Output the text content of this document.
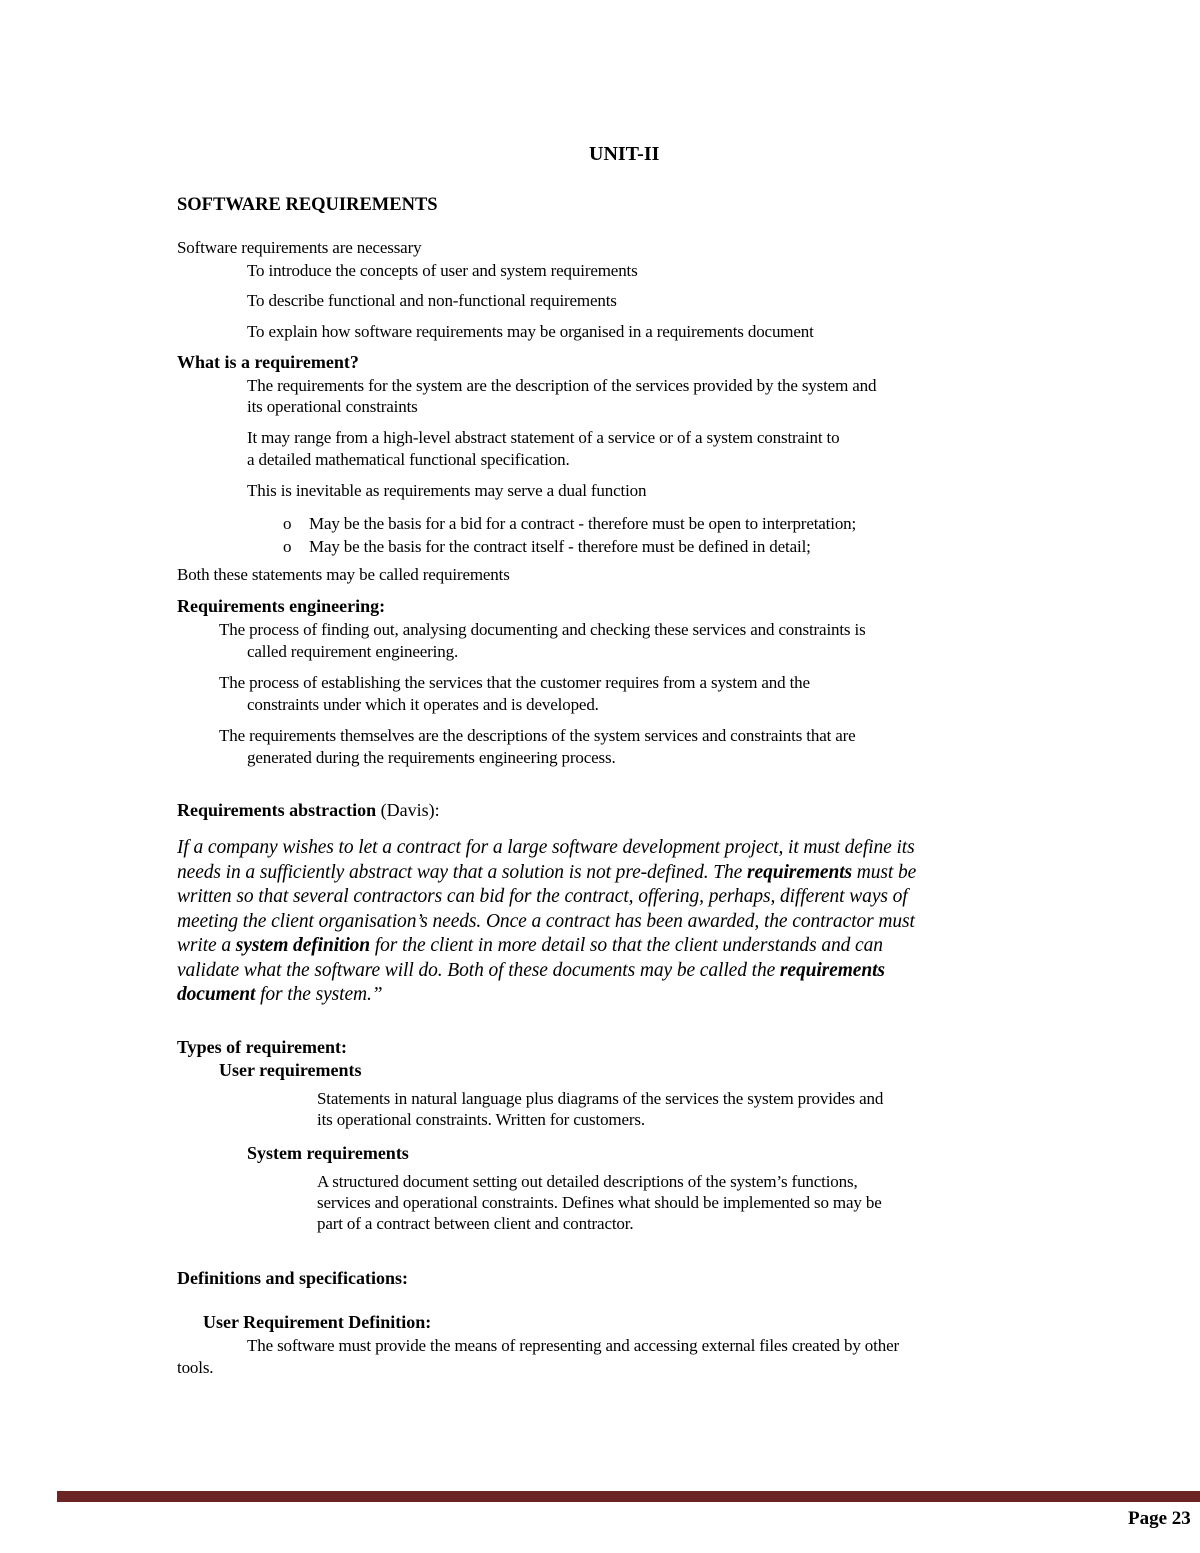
UNIT-II
SOFTWARE REQUIREMENTS
Software requirements are necessary
To introduce the concepts of user and system requirements
To describe functional and non-functional requirements
To explain how software requirements may be organised in a requirements document
What is a requirement?
The requirements for the system are the description of the services provided by the system and
its operational constraints
It may range from a high-level abstract statement of a service or of a system constraint to
a detailed mathematical functional specification.
This is inevitable as requirements may serve a dual function
o May be the basis for a bid for a contract - therefore must be open to interpretation;
o May be the basis for the contract itself - therefore must be defined in detail;
Both these statements may be called requirements
Requirements engineering:
The process of finding out, analysing documenting and checking these services and constraints is
called requirement engineering.
The process of establishing the services that the customer requires from a system and the
constraints under which it operates and is developed.
The requirements themselves are the descriptions of the system services and constraints that are
generated during the requirements engineering process.
Requirements abstraction (Davis):
If a company wishes to let a contract for a large software development project, it must define its
needs in a sufficiently abstract way that a solution is not pre-defined. The requirements must be
written so that several contractors can bid for the contract, offering, perhaps, different ways of
meeting the client organisation’s needs. Once a contract has been awarded, the contractor must
write a system definition for the client in more detail so that the client understands and can
validate what the software will do. Both of these documents may be called the requirements
document for the system.”
Types of requirement:
User requirements
Statements in natural language plus diagrams of the services the system provides and
its operational constraints. Written for customers.
System requirements
A structured document setting out detailed descriptions of the system’s functions,
services and operational constraints. Defines what should be implemented so may be
part of a contract between client and contractor.
Definitions and specifications:
User Requirement Definition:
The software must provide the means of representing and accessing external files created by other
tools.
Page 23
